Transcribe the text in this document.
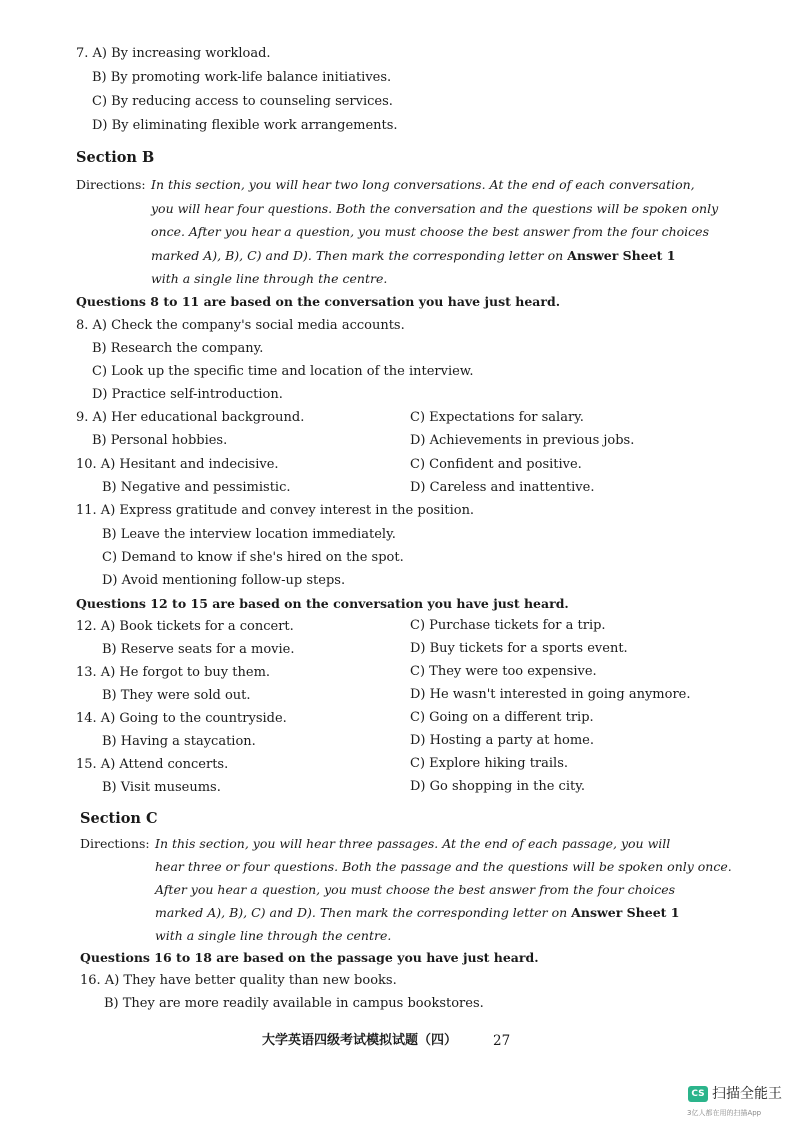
7. A) By increasing workload.
B) By promoting work-life balance initiatives.
C) By reducing access to counseling services.
D) By eliminating flexible work arrangements.
Section B
Directions: In this section, you will hear two long conversations. At the end of each conversation,
you will hear four questions. Both the conversation and the questions will be spoken only
once. After you hear a question, you must choose the best answer from the four choices
marked A), B), C) and D). Then mark the corresponding letter on Answer Sheet 1
with a single line through the centre.
Questions 8 to 11 are based on the conversation you have just heard.
8. A) Check the company's social media accounts.
B) Research the company.
C) Look up the specific time and location of the interview.
D) Practice self-introduction.
9. A) Her educational background.	C) Expectations for salary.
B) Personal hobbies.	D) Achievements in previous jobs.
10. A) Hesitant and indecisive.	C) Confident and positive.
B) Negative and pessimistic.	D) Careless and inattentive.
11. A) Express gratitude and convey interest in the position.
B) Leave the interview location immediately.
C) Demand to know if she's hired on the spot.
D) Avoid mentioning follow-up steps.
Questions 12 to 15 are based on the conversation you have just heard.
12. A) Book tickets for a concert.	C) Purchase tickets for a trip.
B) Reserve seats for a movie.	D) Buy tickets for a sports event.
13. A) He forgot to buy them.	C) They were too expensive.
B) They were sold out.	D) He wasn't interested in going anymore.
14. A) Going to the countryside.	C) Going on a different trip.
B) Having a staycation.	D) Hosting a party at home.
15. A) Attend concerts.	C) Explore hiking trails.
B) Visit museums.	D) Go shopping in the city.
Section C
Directions: In this section, you will hear three passages. At the end of each passage, you will
hear three or four questions. Both the passage and the questions will be spoken only once.
After you hear a question, you must choose the best answer from the four choices
marked A), B), C) and D). Then mark the corresponding letter on Answer Sheet 1
with a single line through the centre.
Questions 16 to 18 are based on the passage you have just heard.
16. A) They have better quality than new books.
B) They are more readily available in campus bookstores.
大学英语四级考试模拟试题（四）	27
CS 扫描全能王
3亿人都在用的扫描App
